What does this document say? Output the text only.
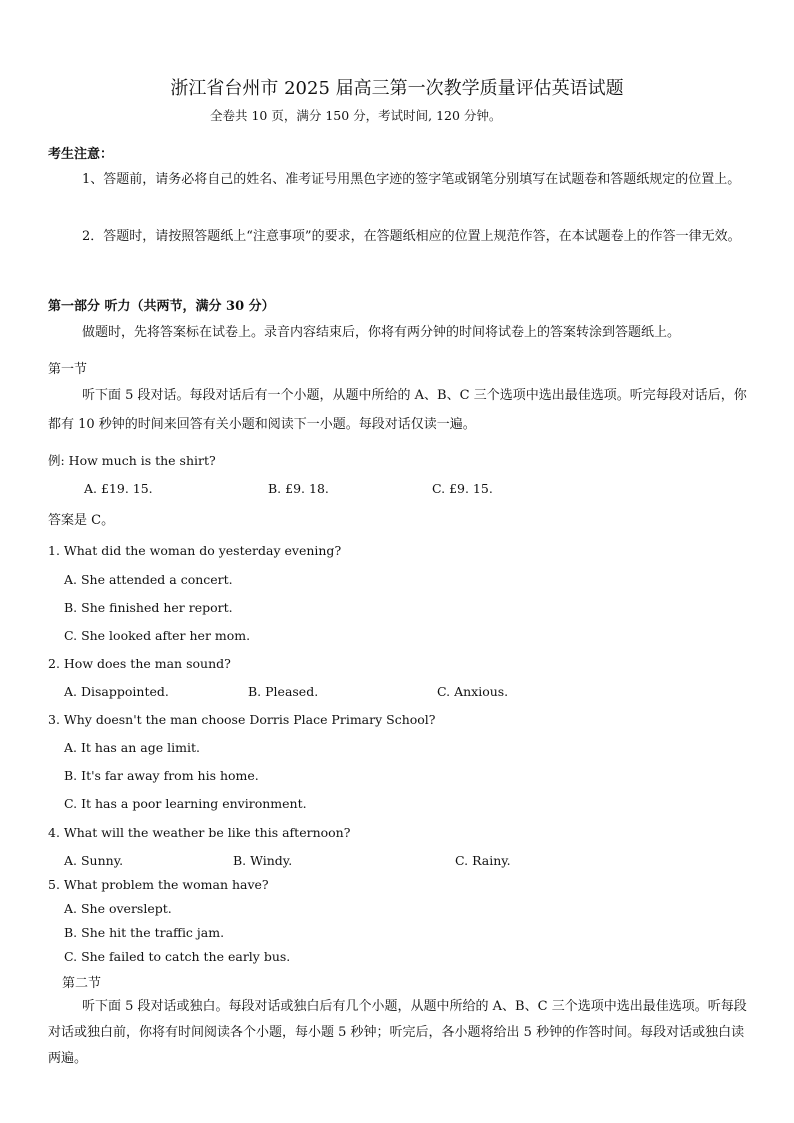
浙江省台州市 2025 届高三第一次教学质量评估英语试题
全卷共 10 页，满分 150 分，考试时间, 120 分钟。
考生注意：
1、答题前，请务必将自己的姓名、准考证号用黑色字迹的签字笔或钢笔分别填写在试题卷和答题纸规定的位置上。
2．答题时，请按照答题纸上“注意事项”的要求，在答题纸相应的位置上规范作答，在本试题卷上的作答一律无效。
第一部分 听力（共两节，满分 30 分）
做题时，先将答案标在试卷上。录音内容结束后，你将有两分钟的时间将试卷上的答案转涂到答题纸上。
第一节
听下面 5 段对话。每段对话后有一个小题，从题中所给的 A、B、C 三个选项中选出最佳选项。听完每段对话后，你都有 10 秒钟的时间来回答有关小题和阅读下一小题。每段对话仅读一遍。
例: How much is the shirt?
A. £19. 15.	B. £9. 18.	C. £9. 15.
答案是 C。
1. What did the woman do yesterday evening?
A. She attended a concert.
B. She finished her report.
C. She looked after her mom.
2. How does the man sound?
A. Disappointed.	B. Pleased.	C. Anxious.
3. Why doesn't the man choose Dorris Place Primary School?
A. It has an age limit.
B. It's far away from his home.
C. It has a poor learning environment.
4. What will the weather be like this afternoon?
A. Sunny.	B. Windy.	C. Rainy.
5. What problem the woman have?
A. She overslept.
B. She hit the traffic jam.
C. She failed to catch the early bus.
第二节
听下面 5 段对话或独白。每段对话或独白后有几个小题，从题中所给的 A、B、C 三个选项中选出最佳选项。听每段对话或独白前，你将有时间阅读各个小题，每小题 5 秒钟；听完后，各小题将给出 5 秒钟的作答时间。每段对话或独白读两遍。
